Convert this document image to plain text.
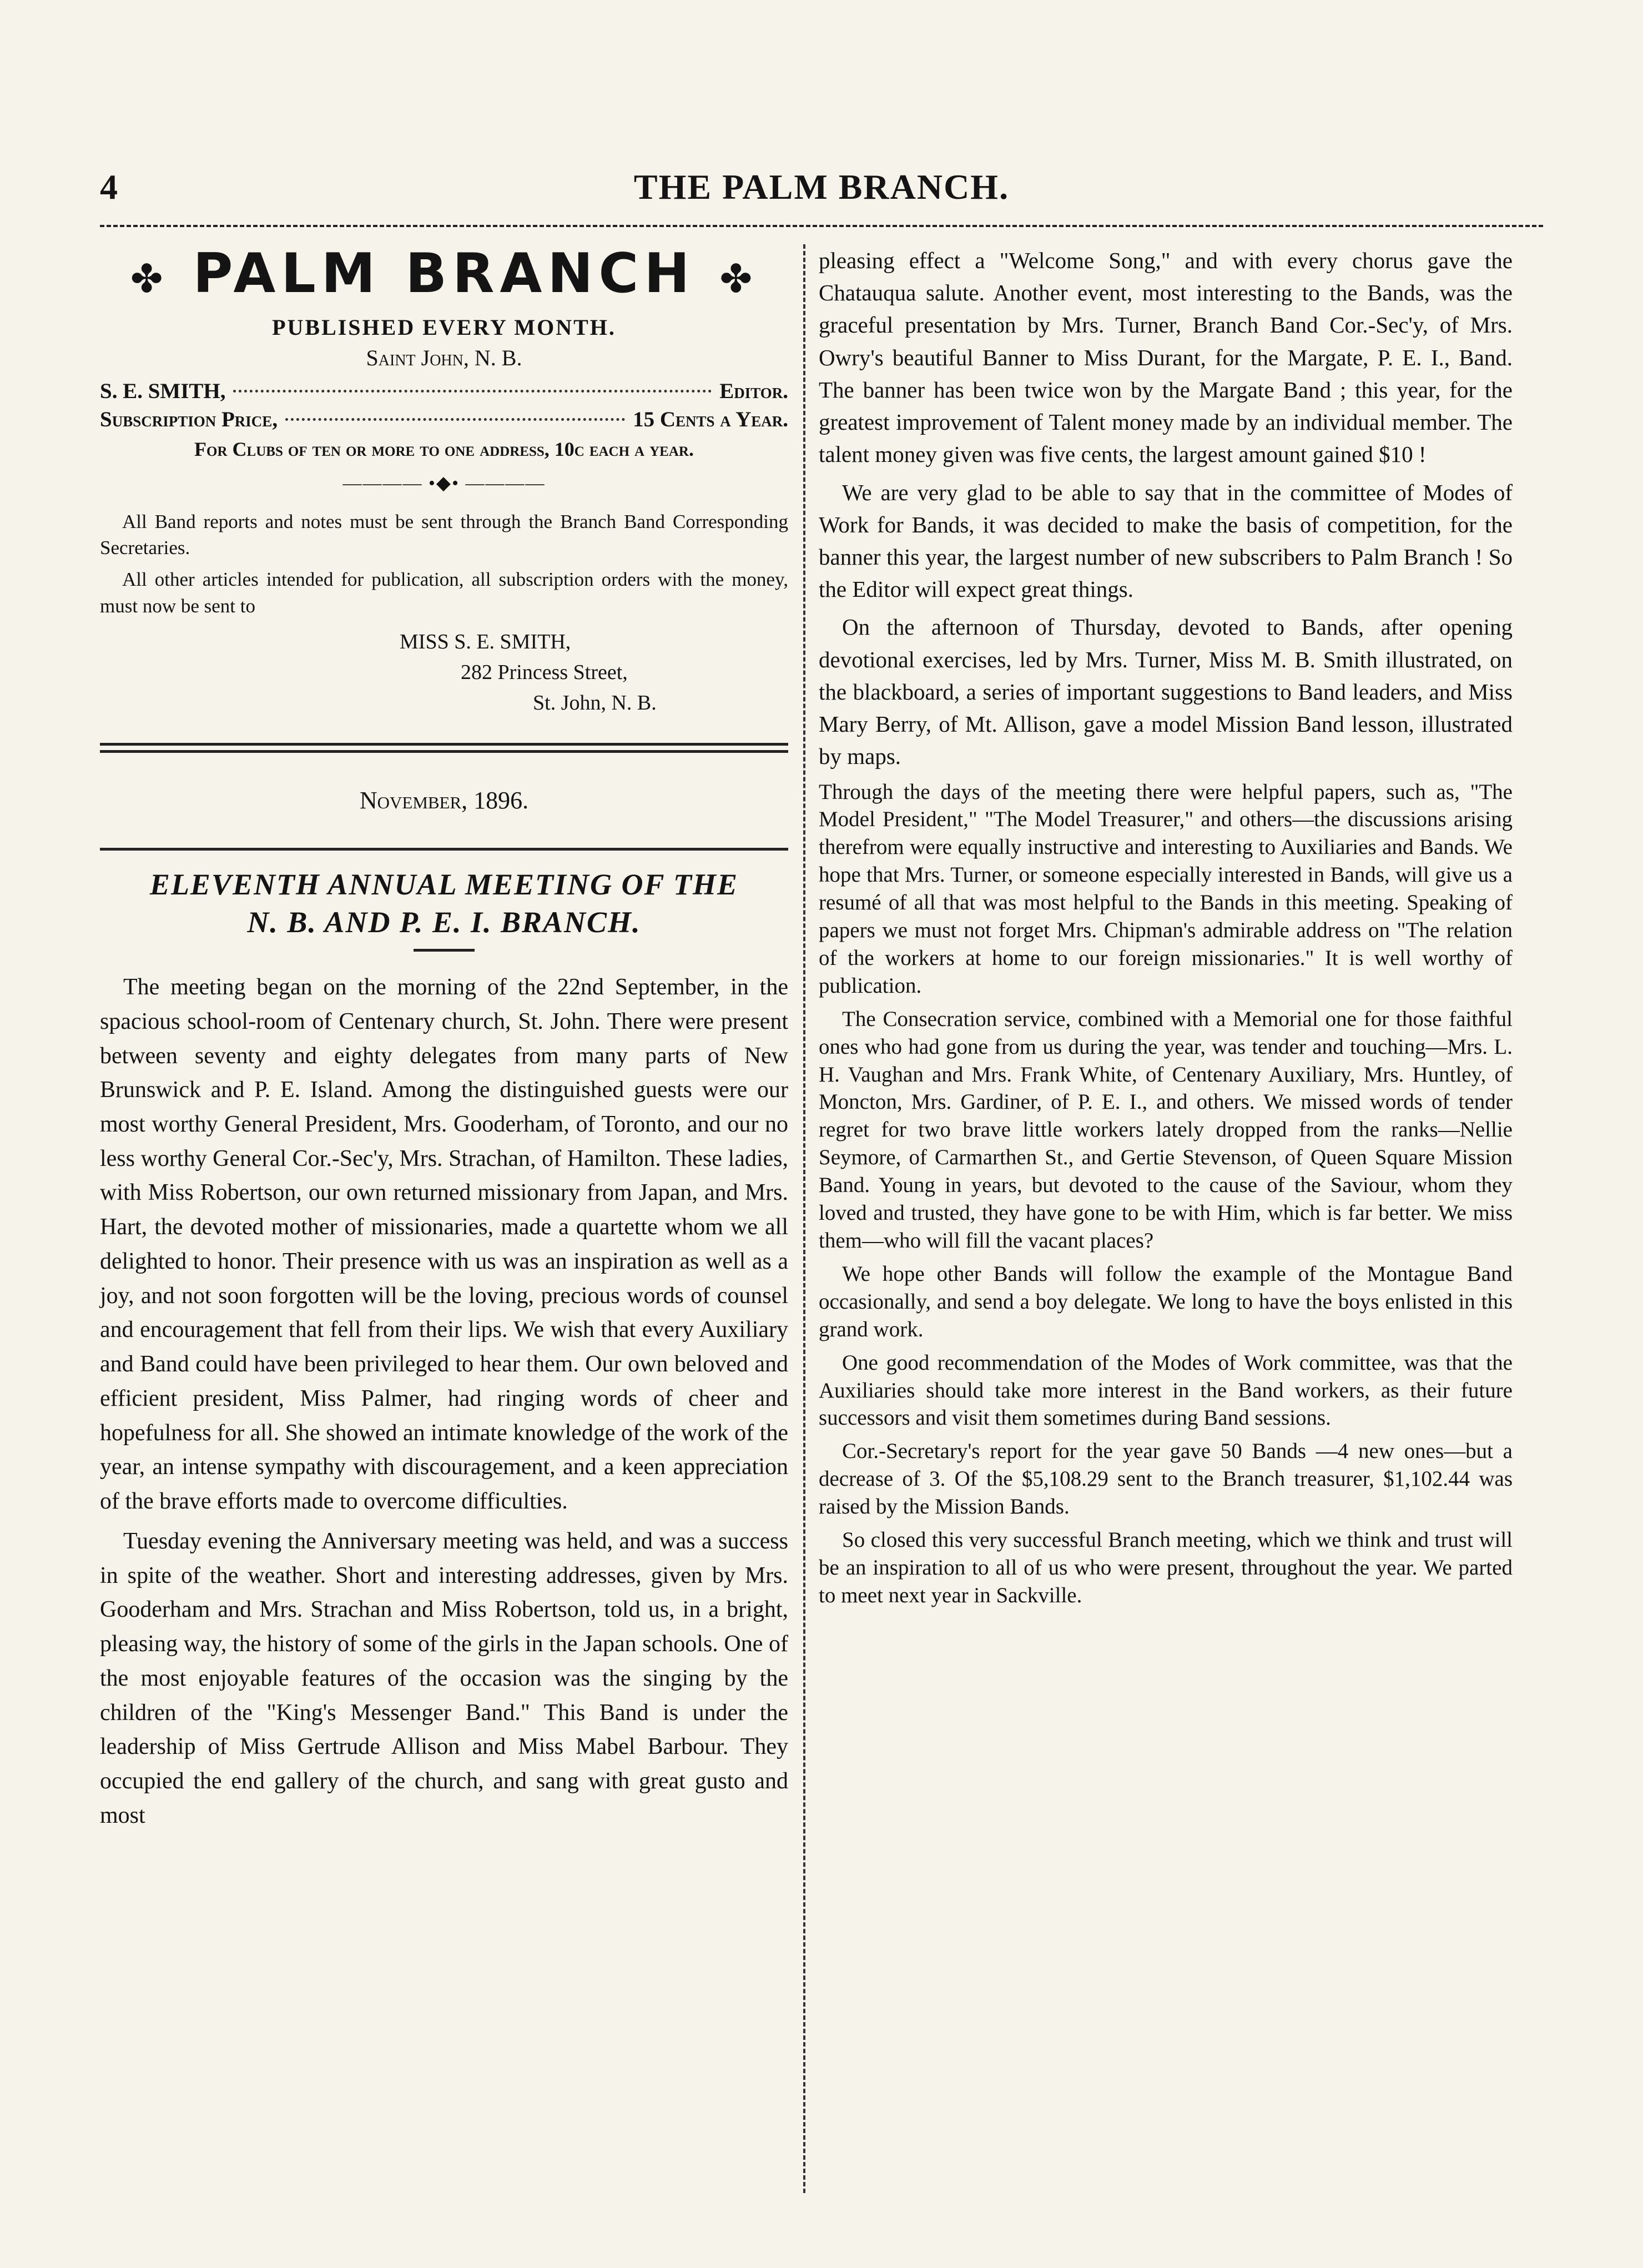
THE PALM BRANCH.
4
✤ PALM BRANCH ✤
PUBLISHED EVERY MONTH.
Saint John, N. B.
S. E. SMITH,	Editor.
Subscription Price,	15 Cents a Year.
For Clubs of ten or more to one address, 10c each a year.
———— •◆• ————

All Band reports and notes must be sent through the Branch Band Corresponding Secretaries.

All other articles intended for publication, all subscription orders with the money, must now be sent to

MISS S. E. SMITH,
282 Princess Street,
St. John, N. B.
November, 1896.
ELEVENTH ANNUAL MEETING OF THE
N. B. AND P. E. I. BRANCH.

The meeting began on the morning of the 22nd September, in the spacious school-room of Centenary church, St. John. There were present between seventy and eighty delegates from many parts of New Brunswick and P. E. Island. Among the distinguished guests were our most worthy General President, Mrs. Gooderham, of Toronto, and our no less worthy General Cor.-Sec'y, Mrs. Strachan, of Hamilton. These ladies, with Miss Robertson, our own returned missionary from Japan, and Mrs. Hart, the devoted mother of missionaries, made a quartette whom we all delighted to honor. Their presence with us was an inspiration as well as a joy, and not soon forgotten will be the loving, precious words of counsel and encouragement that fell from their lips. We wish that every Auxiliary and Band could have been privileged to hear them. Our own beloved and efficient president, Miss Palmer, had ringing words of cheer and hopefulness for all. She showed an intimate knowledge of the work of the year, an intense sympathy with discouragement, and a keen appreciation of the brave efforts made to overcome difficulties.

Tuesday evening the Anniversary meeting was held, and was a success in spite of the weather. Short and interesting addresses, given by Mrs. Gooderham and Mrs. Strachan and Miss Robertson, told us, in a bright, pleasing way, the history of some of the girls in the Japan schools. One of the most enjoyable features of the occasion was the singing by the children of the "King's Messenger Band." This Band is under the leadership of Miss Gertrude Allison and Miss Mabel Barbour. They occupied the end gallery of the church, and sang with great gusto and most

pleasing effect a "Welcome Song," and with every chorus gave the Chatauqua salute. Another event, most interesting to the Bands, was the graceful presentation by Mrs. Turner, Branch Band Cor.-Sec'y, of Mrs. Owry's beautiful Banner to Miss Durant, for the Margate, P. E. I., Band. The banner has been twice won by the Margate Band ; this year, for the greatest improvement of Talent money made by an individual member. The talent money given was five cents, the largest amount gained $10 !

We are very glad to be able to say that in the committee of Modes of Work for Bands, it was decided to make the basis of competition, for the banner this year, the largest number of new subscribers to Palm Branch ! So the Editor will expect great things.

On the afternoon of Thursday, devoted to Bands, after opening devotional exercises, led by Mrs. Turner, Miss M. B. Smith illustrated, on the blackboard, a series of important suggestions to Band leaders, and Miss Mary Berry, of Mt. Allison, gave a model Mission Band lesson, illustrated by maps.

Through the days of the meeting there were helpful papers, such as, "The Model President," "The Model Treasurer," and others—the discussions arising therefrom were equally instructive and interesting to Auxiliaries and Bands. We hope that Mrs. Turner, or someone especially interested in Bands, will give us a resumé of all that was most helpful to the Bands in this meeting. Speaking of papers we must not forget Mrs. Chipman's admirable address on "The relation of the workers at home to our foreign missionaries." It is well worthy of publication.

The Consecration service, combined with a Memorial one for those faithful ones who had gone from us during the year, was tender and touching—Mrs. L. H. Vaughan and Mrs. Frank White, of Centenary Auxiliary, Mrs. Huntley, of Moncton, Mrs. Gardiner, of P. E. I., and others. We missed words of tender regret for two brave little workers lately dropped from the ranks—Nellie Seymore, of Carmarthen St., and Gertie Stevenson, of Queen Square Mission Band. Young in years, but devoted to the cause of the Saviour, whom they loved and trusted, they have gone to be with Him, which is far better. We miss them—who will fill the vacant places?

We hope other Bands will follow the example of the Montague Band occasionally, and send a boy delegate. We long to have the boys enlisted in this grand work.

One good recommendation of the Modes of Work committee, was that the Auxiliaries should take more interest in the Band workers, as their future successors and visit them sometimes during Band sessions.

Cor.-Secretary's report for the year gave 50 Bands —4 new ones—but a decrease of 3. Of the $5,108.29 sent to the Branch treasurer, $1,102.44 was raised by the Mission Bands.

So closed this very successful Branch meeting, which we think and trust will be an inspiration to all of us who were present, throughout the year. We parted to meet next year in Sackville.
